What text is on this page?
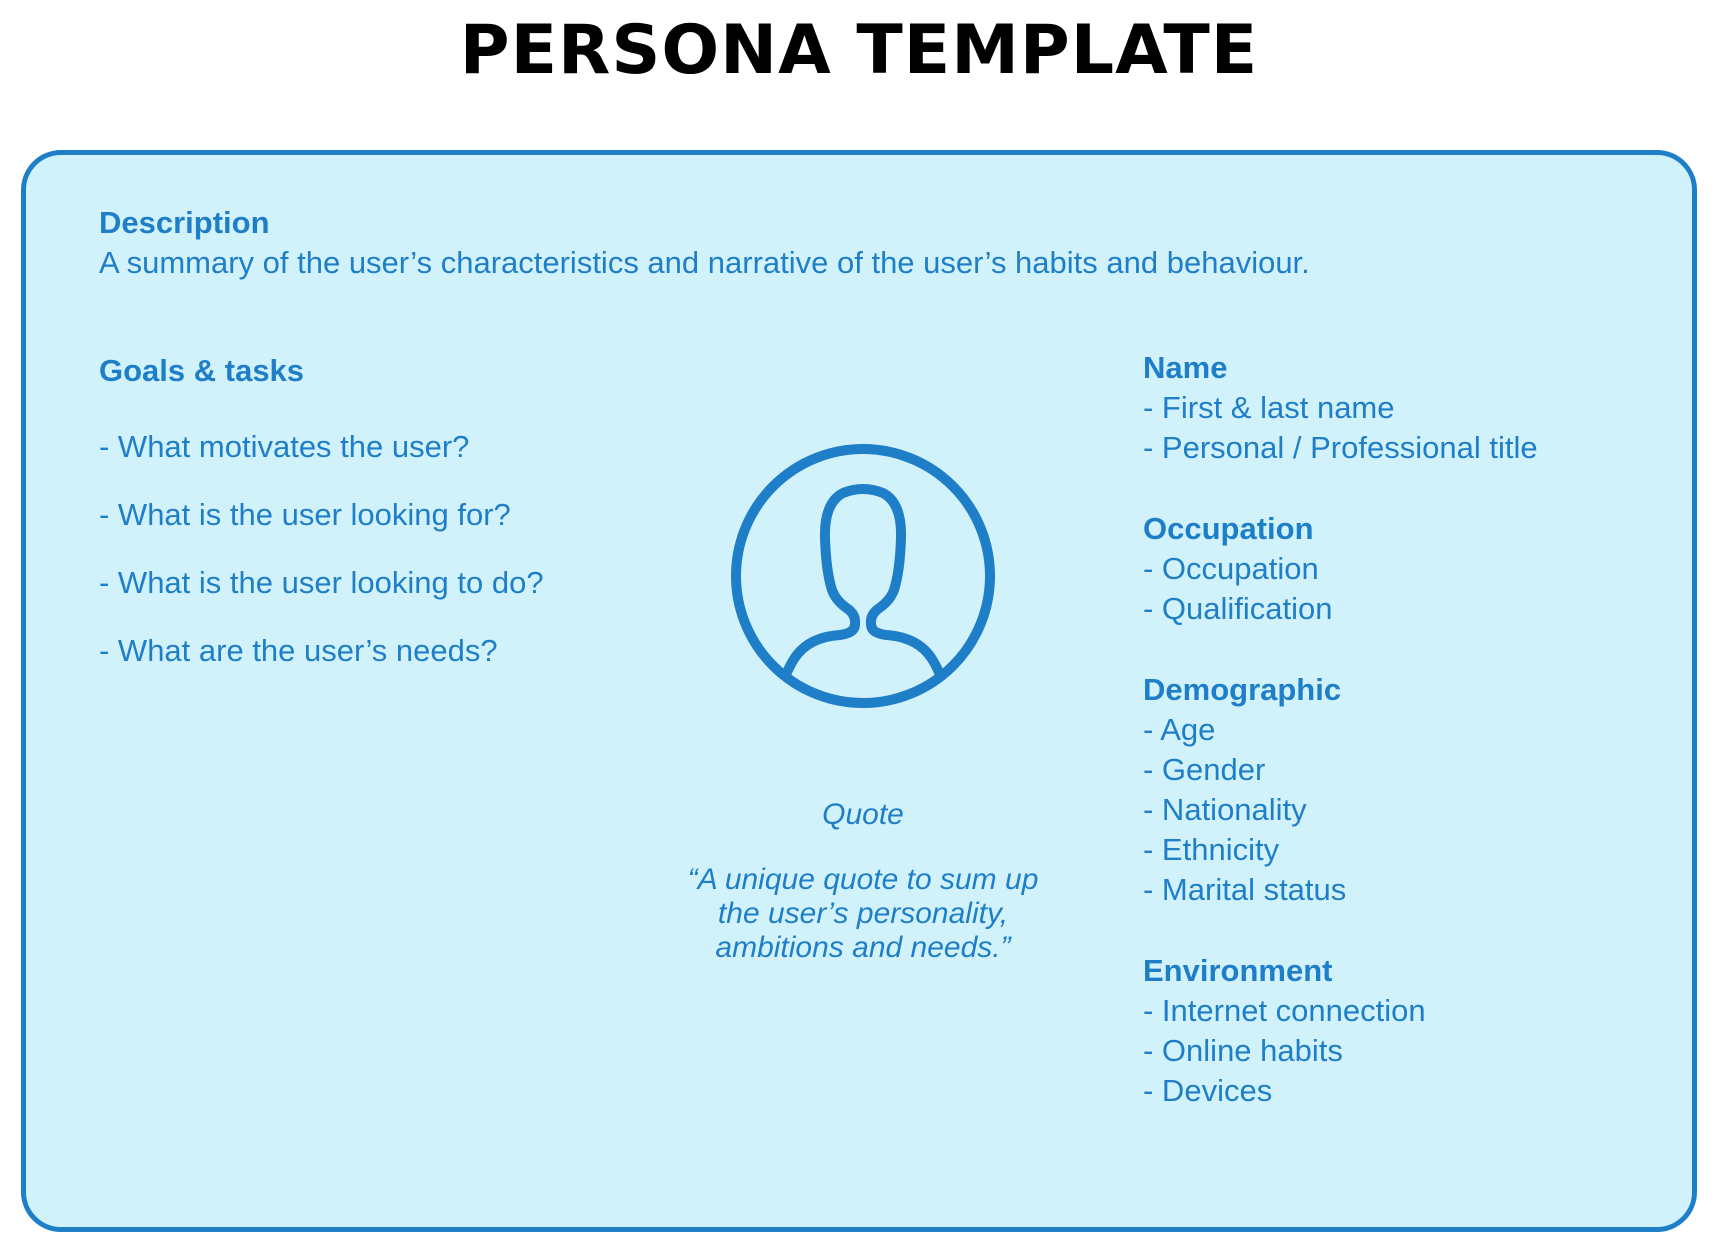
PERSONA TEMPLATE
Description
A summary of the user’s characteristics and narrative of the user’s habits and behaviour.
Goals & tasks
- What motivates the user?
- What is the user looking for?
- What is the user looking to do?
- What are the user’s needs?
Quote
“A unique quote to sum up the user’s personality, ambitions and needs.”
Name
- First & last name
- Personal / Professional title
Occupation
- Occupation
- Qualification
Demographic
- Age
- Gender
- Nationality
- Ethnicity
- Marital status
Environment
- Internet connection
- Online habits
- Devices
